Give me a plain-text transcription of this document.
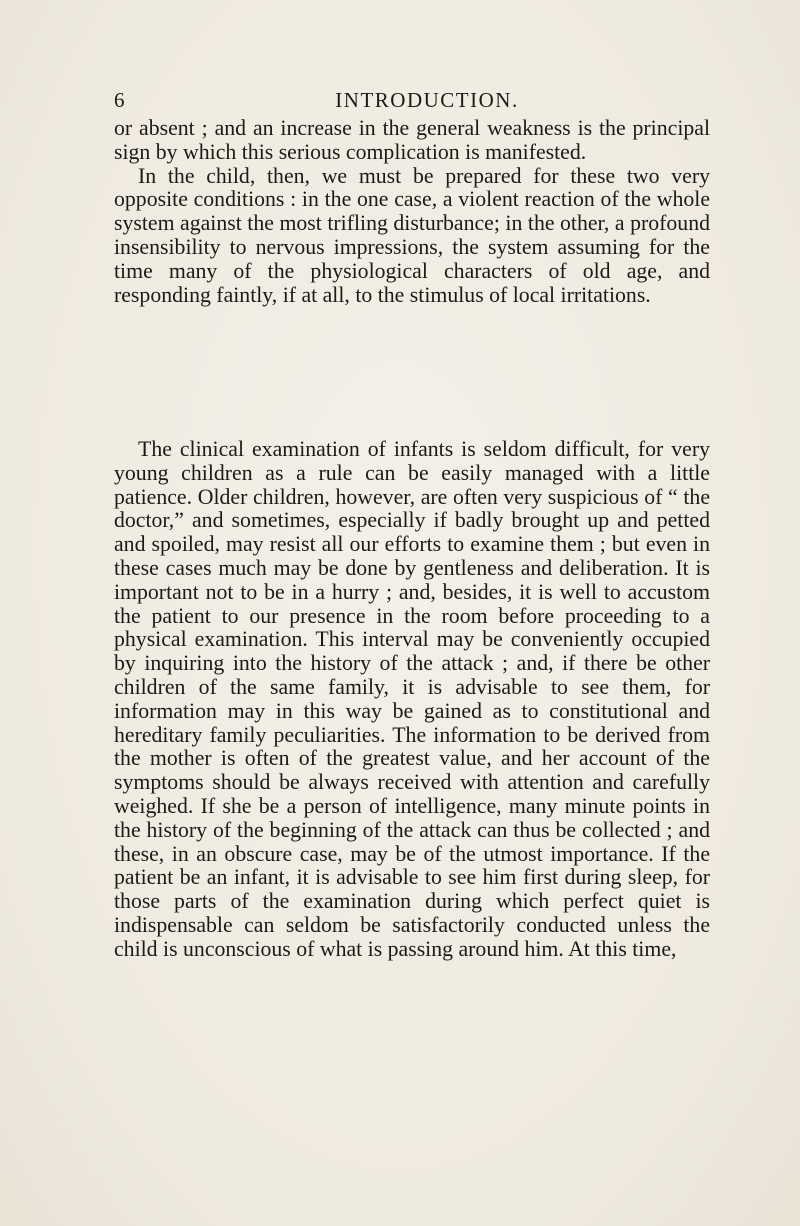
6	INTRODUCTION.

or absent ; and an increase in the general weakness is the principal sign by which this serious complication is manifested.

In the child, then, we must be prepared for these two very opposite conditions : in the one case, a violent reaction of the whole system against the most trifling disturbance; in the other, a profound insensibility to nervous impressions, the system assuming for the time many of the physiological characters of old age, and responding faintly, if at all, to the stimulus of local irritations.

The clinical examination of infants is seldom difficult, for very young children as a rule can be easily managed with a little patience. Older children, however, are often very suspicious of “ the doctor,” and sometimes, especially if badly brought up and petted and spoiled, may resist all our efforts to examine them ; but even in these cases much may be done by gentleness and deliberation. It is important not to be in a hurry ; and, besides, it is well to accustom the patient to our presence in the room before proceeding to a physical examination. This interval may be conveniently occupied by inquiring into the history of the attack ; and, if there be other children of the same family, it is advisable to see them, for information may in this way be gained as to constitutional and hereditary family peculiarities. The information to be derived from the mother is often of the greatest value, and her account of the symptoms should be always received with attention and carefully weighed. If she be a person of intelligence, many minute points in the history of the beginning of the attack can thus be collected ; and these, in an obscure case, may be of the utmost importance. If the patient be an infant, it is advisable to see him first during sleep, for those parts of the examination during which perfect quiet is indispensable can seldom be satisfactorily conducted unless the child is unconscious of what is passing around him. At this time,
